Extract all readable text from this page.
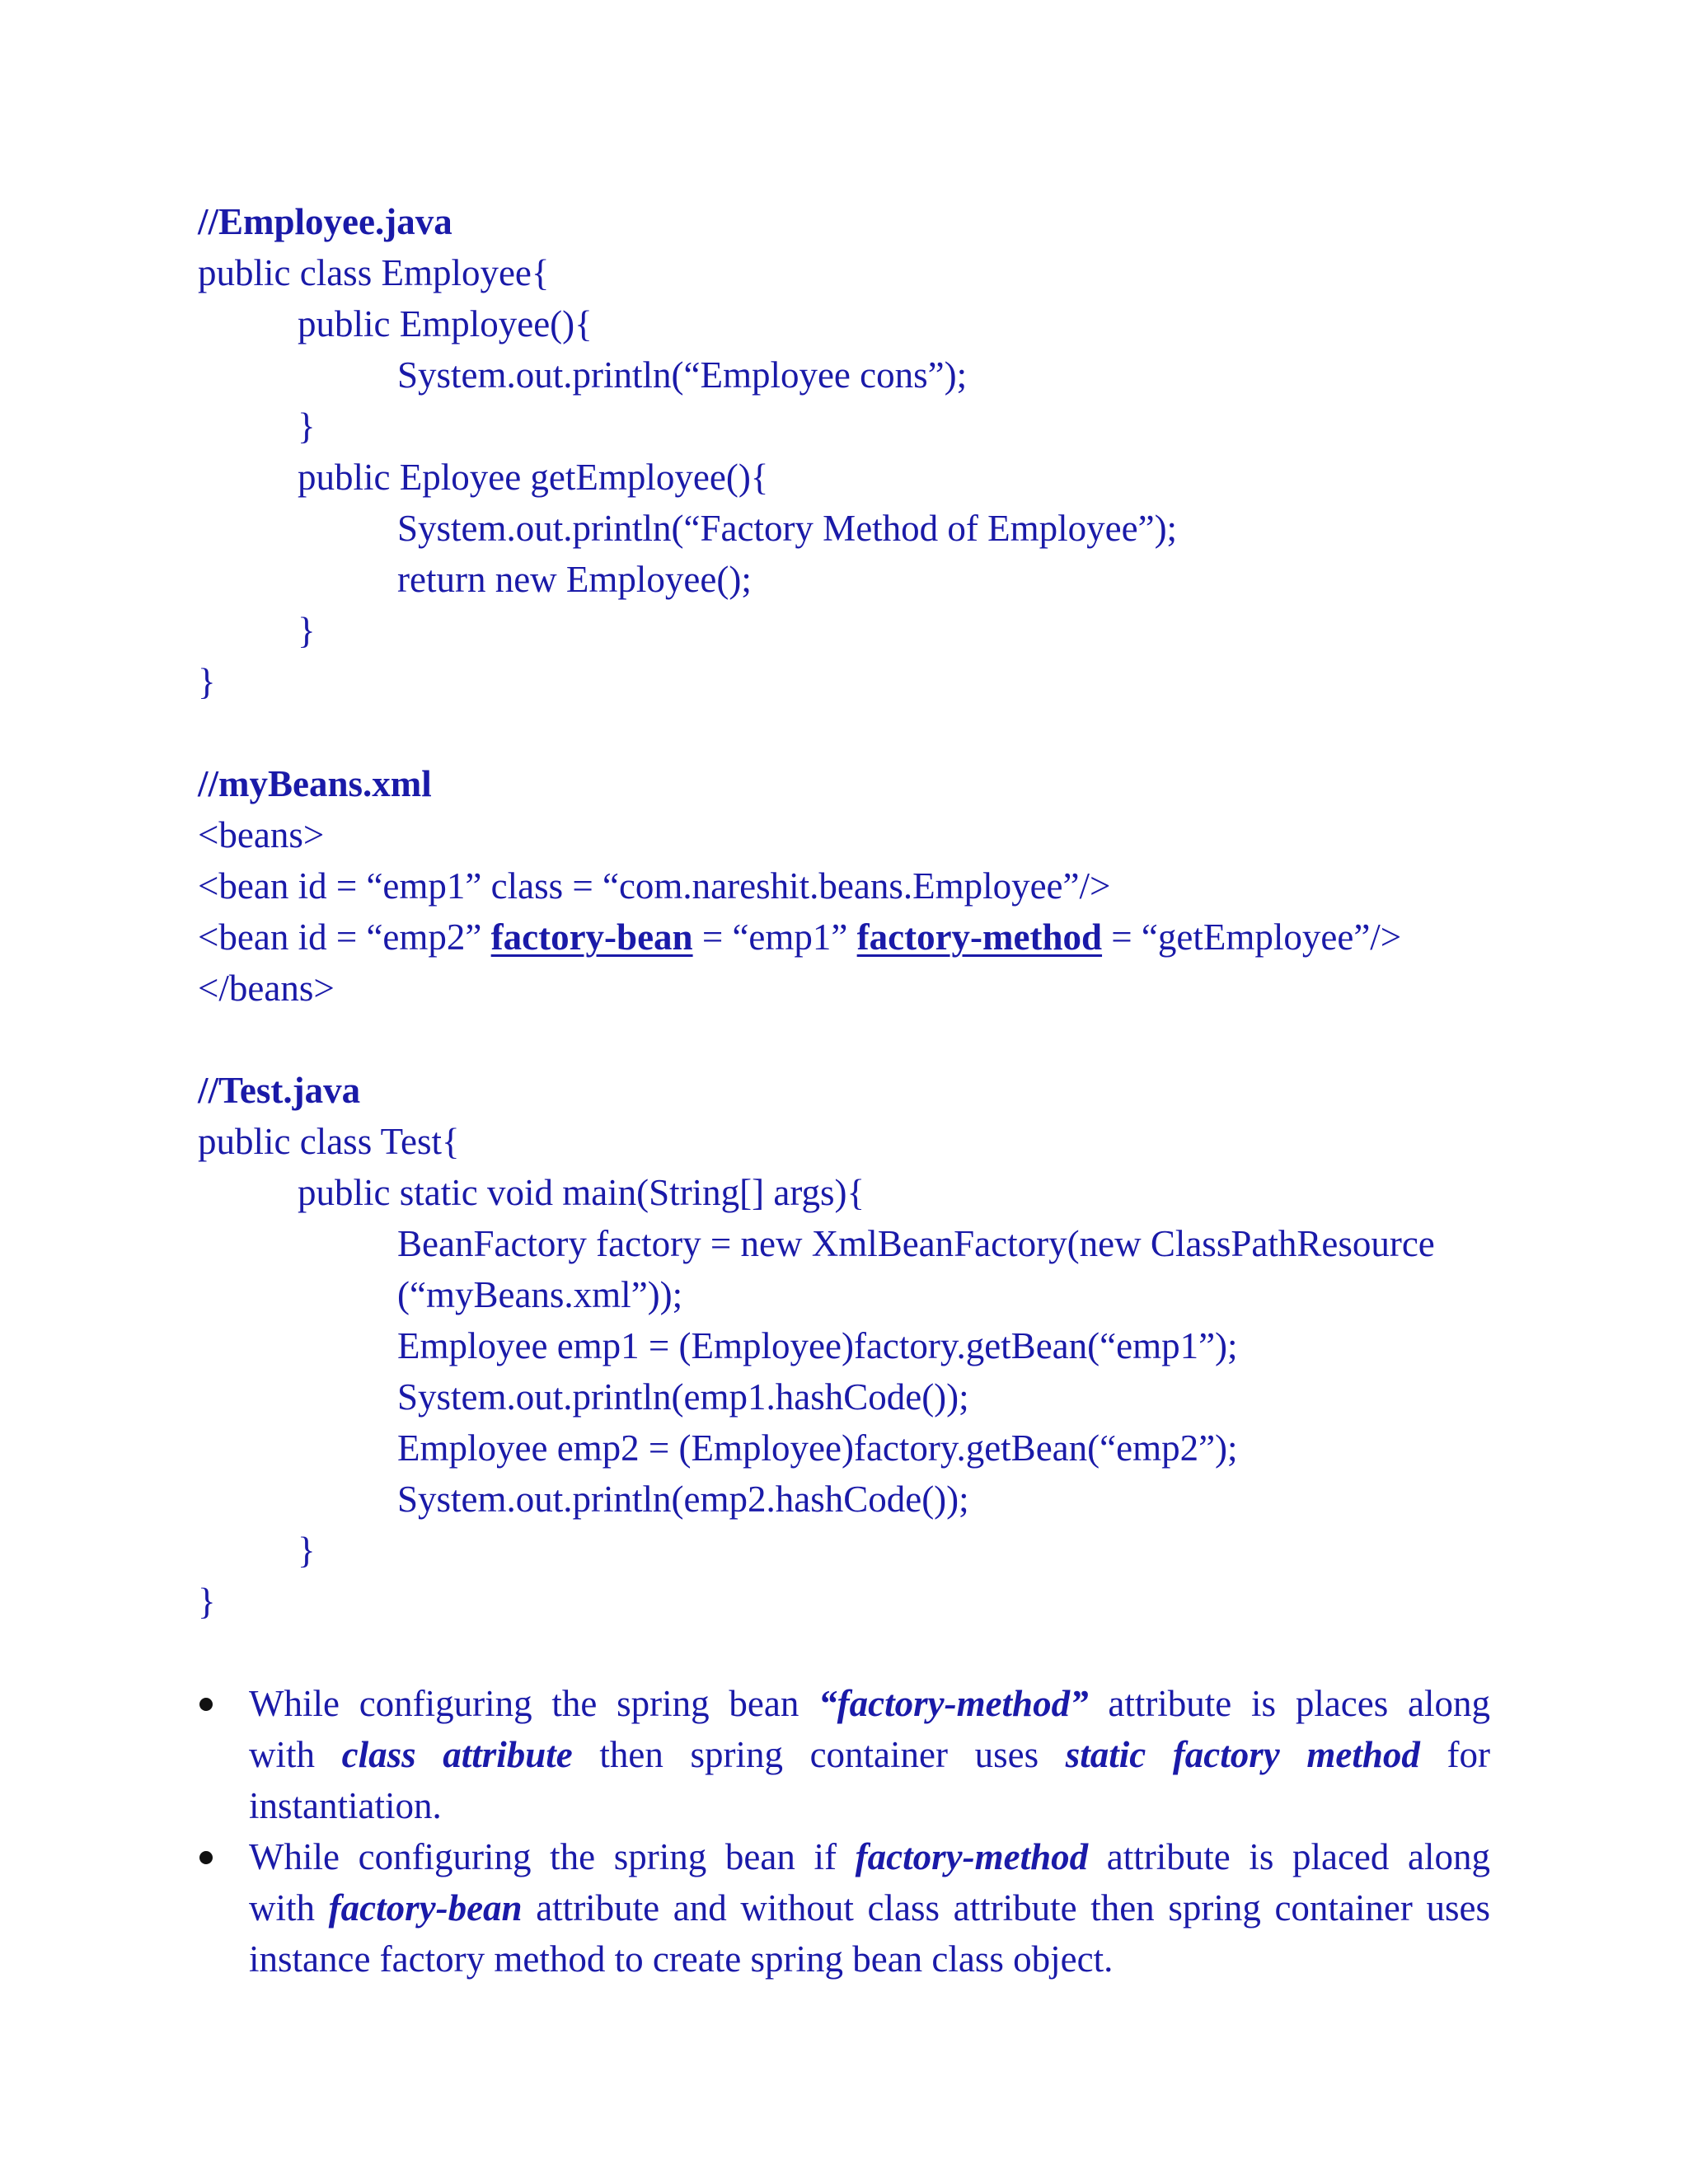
//Employee.java
public class Employee{
public Employee(){
System.out.println(“Employee cons”);
}
public Eployee getEmployee(){
System.out.println(“Factory Method of Employee”);
return new Employee();
}
}
//myBeans.xml
<beans>
<bean id = “emp1” class = “com.nareshit.beans.Employee”/>
<bean id = “emp2” factory-bean = “emp1” factory-method = “getEmployee”/>
</beans>
//Test.java
public class Test{
public static void main(String[] args){
BeanFactory factory = new XmlBeanFactory(new ClassPathResource
(“myBeans.xml”));
Employee emp1 = (Employee)factory.getBean(“emp1”);
System.out.println(emp1.hashCode());
Employee emp2 = (Employee)factory.getBean(“emp2”);
System.out.println(emp2.hashCode());
}
}
While configuring the spring bean “factory-method” attribute is places along
with class attribute then spring container uses static factory method for
instantiation.
While configuring the spring bean if factory-method attribute is placed along
with factory-bean attribute and without class attribute then spring container uses
instance factory method to create spring bean class object.
